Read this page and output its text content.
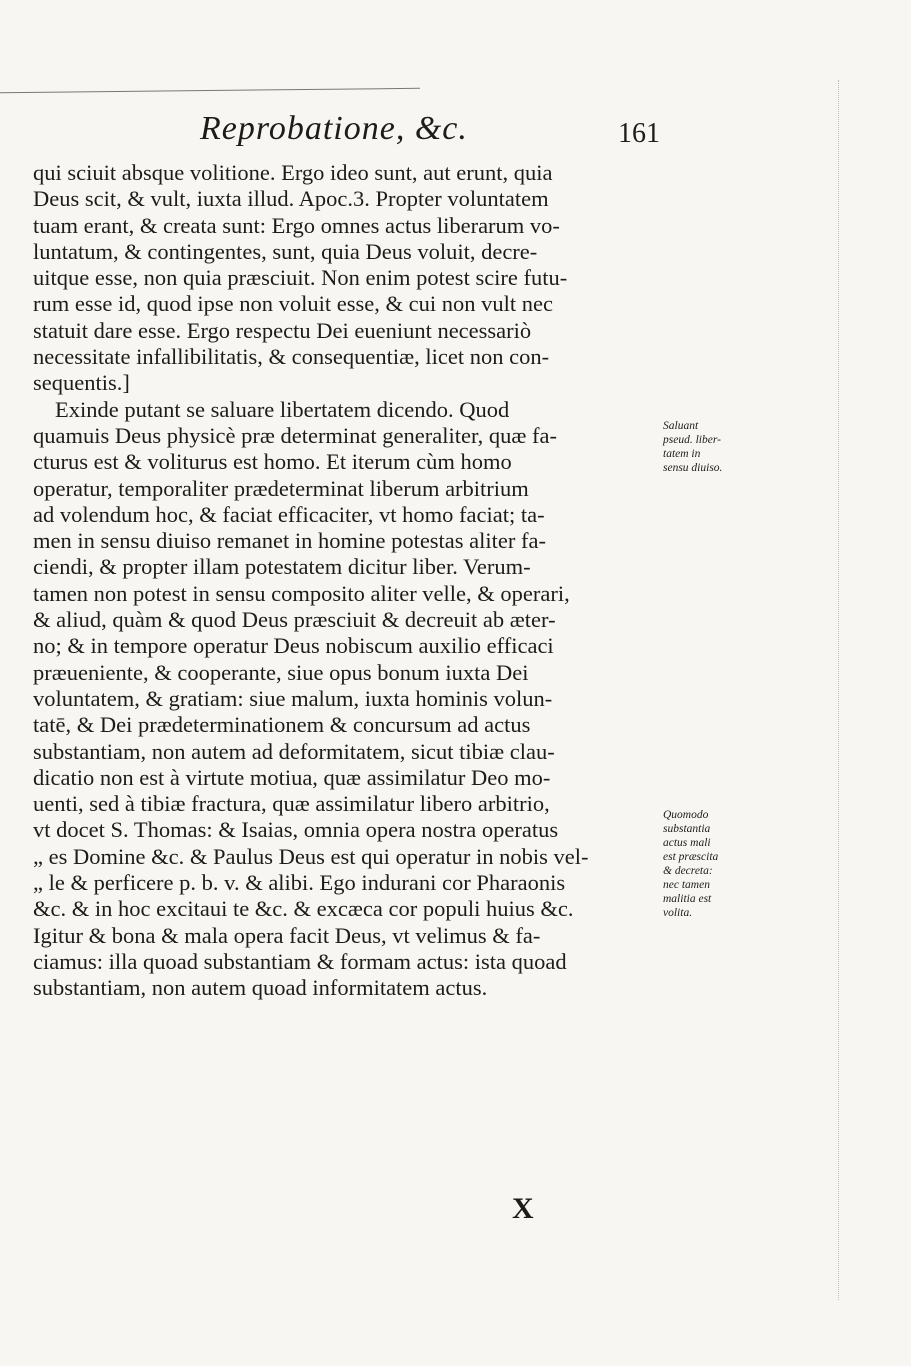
Reprobatione, &c.	161
qui sciuit absque volitione. Ergo ideo sunt, aut erunt, quia
Deus scit, & vult, iuxta illud. Apoc.3. Propter voluntatem
tuam erant, & creata sunt: Ergo omnes actus liberarum vo-
luntatum, & contingentes, sunt, quia Deus voluit, decre-
uitque esse, non quia præsciuit. Non enim potest scire futu-
rum esse id, quod ipse non voluit esse, & cui non vult nec
statuit dare esse. Ergo respectu Dei eueniunt necessariò
necessitate infallibilitatis, & consequentiæ, licet non con-
sequentis.]
Exinde putant se saluare libertatem dicendo. Quod
quamuis Deus physicè præ determinat generaliter, quæ fa-
cturus est & voliturus est homo. Et iterum cùm homo
operatur, temporaliter prædeterminat liberum arbitrium
ad volendum hoc, & faciat efficaciter, vt homo faciat; ta-
men in sensu diuiso remanet in homine potestas aliter fa-
ciendi, & propter illam potestatem dicitur liber. Verum-
tamen non potest in sensu composito aliter velle, & operari,
& aliud, quàm & quod Deus præsciuit & decreuit ab æter-
no; & in tempore operatur Deus nobiscum auxilio efficaci
præueniente, & cooperante, siue opus bonum iuxta Dei
voluntatem, & gratiam: siue malum, iuxta hominis volun-
tatē, & Dei prædeterminationem & concursum ad actus
substantiam, non autem ad deformitatem, sicut tibiæ clau-
dicatio non est à virtute motiua, quæ assimilatur Deo mo-
uenti, sed à tibiæ fractura, quæ assimilatur libero arbitrio,
vt docet S. Thomas: & Isaias, omnia opera nostra operatus
„ es Domine &c. & Paulus Deus est qui operatur in nobis vel-
„ le & perficere p. b. v. & alibi. Ego indurani cor Pharaonis
&c. & in hoc excitaui te &c. & excæca cor populi huius &c.
Igitur & bona & mala opera facit Deus, vt velimus & fa-
ciamus: illa quoad substantiam & formam actus: ista quoad
substantiam, non autem quoad informitatem actus.
Saluant
pseud. liber-
tatem in
sensu diuiso.
Quomodo
substantia
actus mali
est præscita
& decreta:
nec tamen
malitia est
volita.
X
